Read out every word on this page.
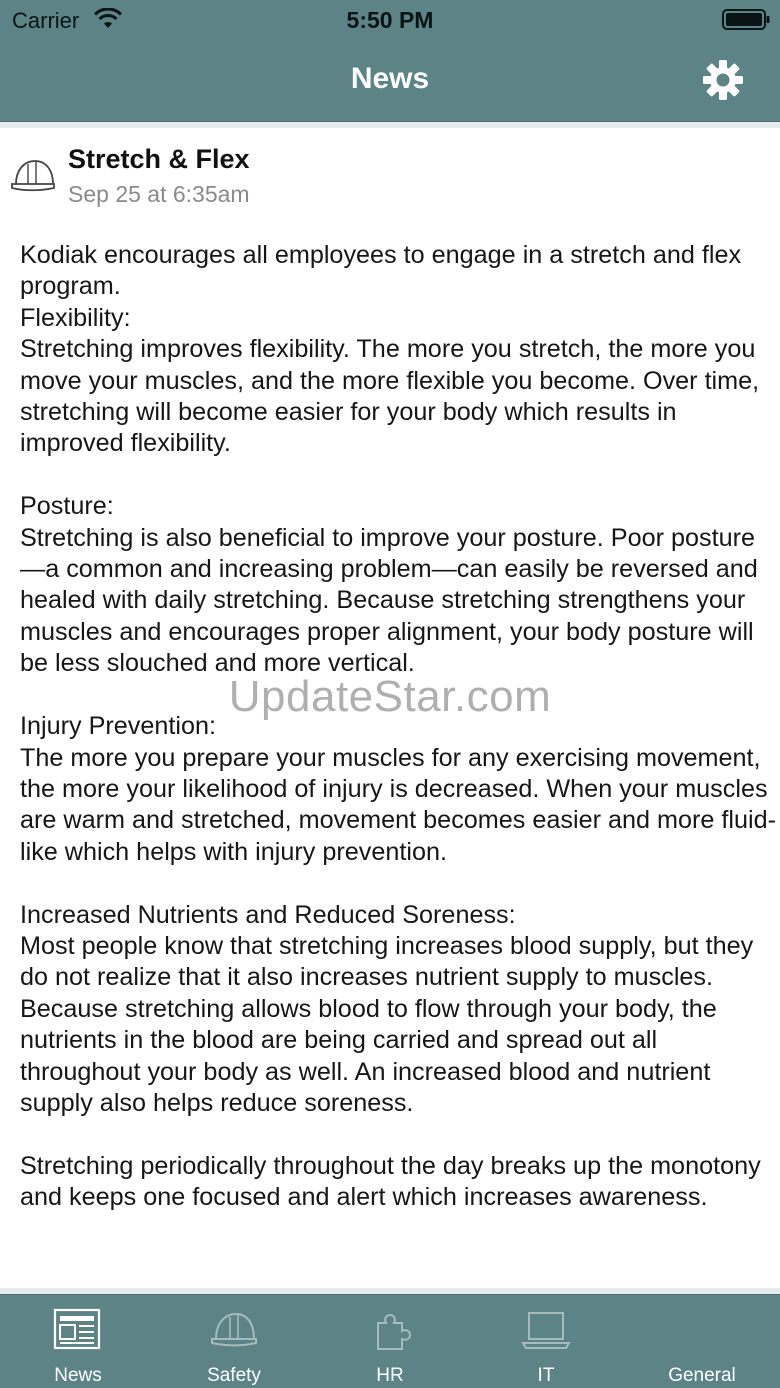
Carrier	5:50 PM
News
Stretch & Flex
Sep 25 at 6:35am
Kodiak encourages all employees to engage in a stretch and flex program.
Flexibility:
Stretching improves flexibility. The more you stretch, the more you move your muscles, and the more flexible you become. Over time, stretching will become easier for your body which results in improved flexibility.

Posture:
Stretching is also beneficial to improve your posture. Poor posture—a common and increasing problem—can easily be reversed and healed with daily stretching. Because stretching strengthens your muscles and encourages proper alignment, your body posture will be less slouched and more vertical.

Injury Prevention:
The more you prepare your muscles for any exercising movement, the more your likelihood of injury is decreased. When your muscles are warm and stretched, movement becomes easier and more fluid-like which helps with injury prevention.

Increased Nutrients and Reduced Soreness:
Most people know that stretching increases blood supply, but they do not realize that it also increases nutrient supply to muscles. Because stretching allows blood to flow through your body, the nutrients in the blood are being carried and spread out all throughout your body as well. An increased blood and nutrient supply also helps reduce soreness.

Stretching periodically throughout the day breaks up the monotony and keeps one focused and alert which increases awareness.
UpdateStar.com
News	Safety	HR	IT	General
